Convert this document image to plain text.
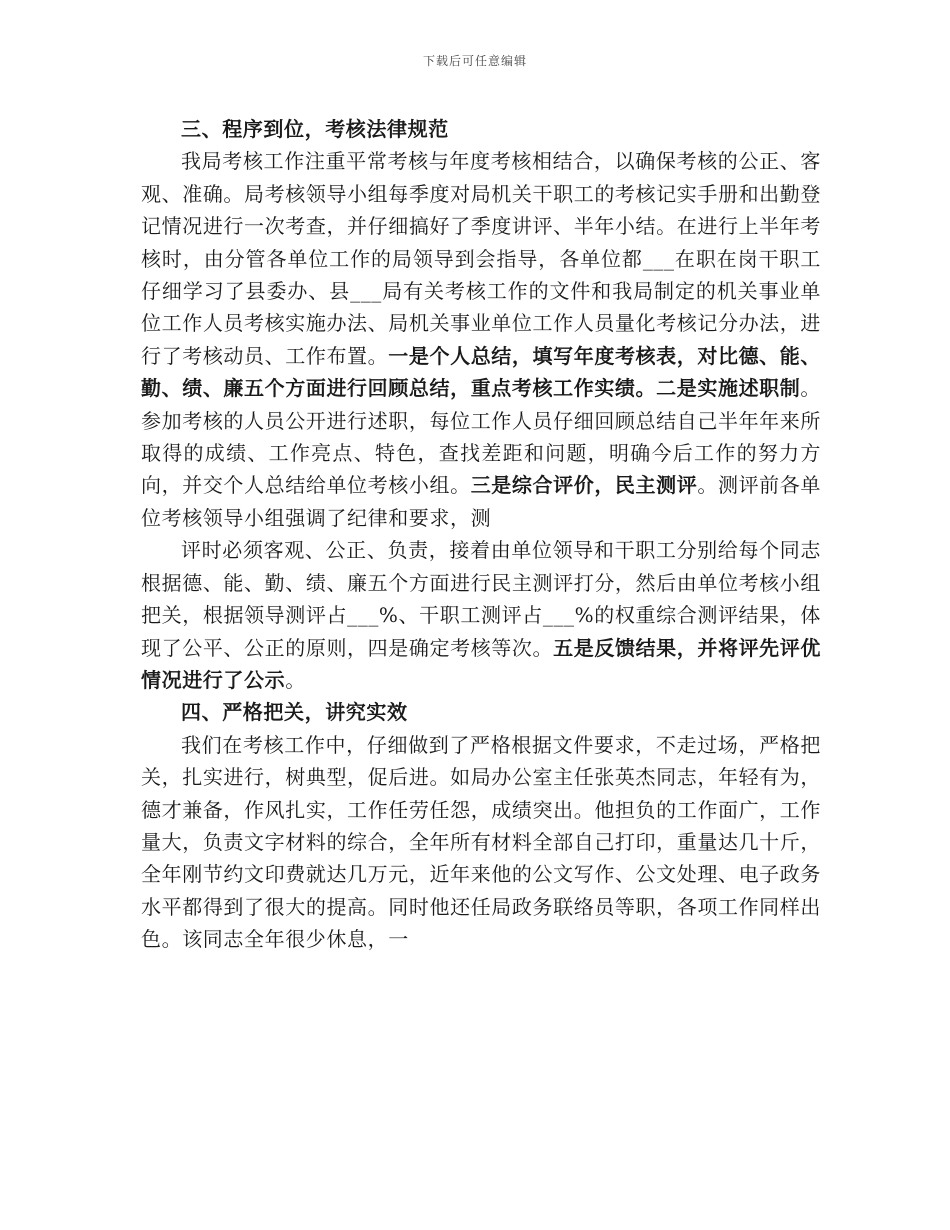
下载后可任意编辑

三、程序到位，考核法律规范

我局考核工作注重平常考核与年度考核相结合，以确保考核的公正、客观、准确。局考核领导小组每季度对局机关干职工的考核记实手册和出勤登记情况进行一次考查，并仔细搞好了季度讲评、半年小结。在进行上半年考核时，由分管各单位工作的局领导到会指导，各单位都___在职在岗干职工仔细学习了县委办、县___局有关考核工作的文件和我局制定的机关事业单位工作人员考核实施办法、局机关事业单位工作人员量化考核记分办法，进行了考核动员、工作布置。一是个人总结，填写年度考核表，对比德、能、勤、绩、廉五个方面进行回顾总结，重点考核工作实绩。二是实施述职制。参加考核的人员公开进行述职，每位工作人员仔细回顾总结自己半年年来所取得的成绩、工作亮点、特色，查找差距和问题，明确今后工作的努力方向，并交个人总结给单位考核小组。三是综合评价，民主测评。测评前各单位考核领导小组强调了纪律和要求，测

评时必须客观、公正、负责，接着由单位领导和干职工分别给每个同志根据德、能、勤、绩、廉五个方面进行民主测评打分，然后由单位考核小组把关，根据领导测评占___%、干职工测评占___%的权重综合测评结果，体现了公平、公正的原则，四是确定考核等次。五是反馈结果，并将评先评优情况进行了公示。

四、严格把关，讲究实效

我们在考核工作中，仔细做到了严格根据文件要求，不走过场，严格把关，扎实进行，树典型，促后进。如局办公室主任张英杰同志，年轻有为，德才兼备，作风扎实，工作任劳任怨，成绩突出。他担负的工作面广，工作量大，负责文字材料的综合，全年所有材料全部自己打印，重量达几十斤，全年刚节约文印费就达几万元，近年来他的公文写作、公文处理、电子政务水平都得到了很大的提高。同时他还任局政务联络员等职，各项工作同样出色。该同志全年很少休息，一
